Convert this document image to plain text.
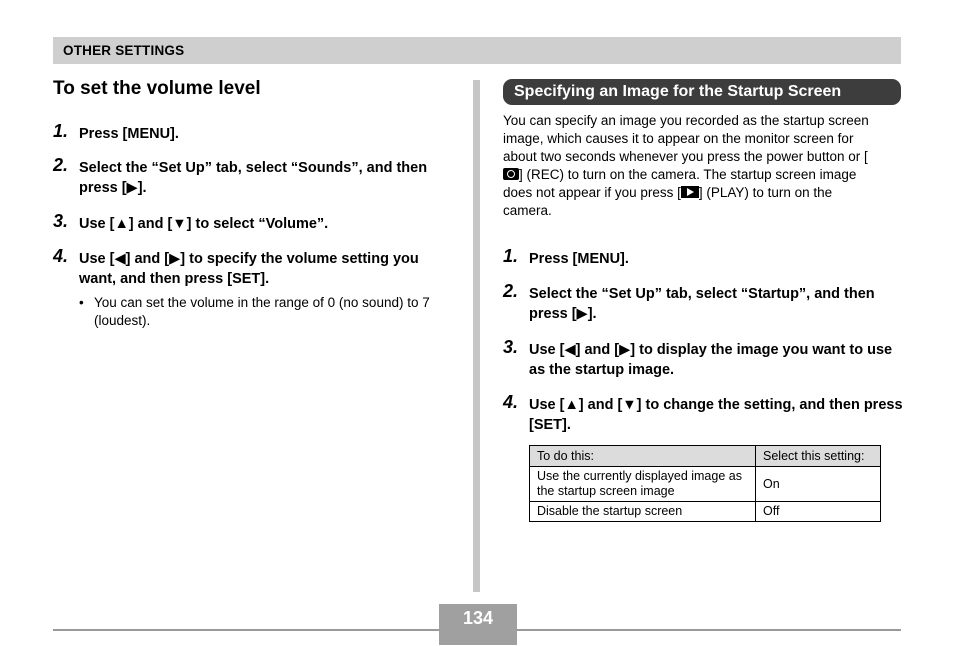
OTHER SETTINGS
To set the volume level
1. Press [MENU].
2. Select the “Set Up” tab, select “Sounds”, and then press [▶].
3. Use [▲] and [▼] to select “Volume”.
4. Use [◀] and [▶] to specify the volume setting you want, and then press [SET].
• You can set the volume in the range of 0 (no sound) to 7 (loudest).
Specifying an Image for the Startup Screen
You can specify an image you recorded as the startup screen image, which causes it to appear on the monitor screen for about two seconds whenever you press the power button or [] (REC) to turn on the camera. The startup screen image does not appear if you press [ ] (PLAY) to turn on the camera.
1. Press [MENU].
2. Select the “Set Up” tab, select “Startup”, and then press [▶].
3. Use [◀] and [▶] to display the image you want to use as the startup image.
4. Use [▲] and [▼] to change the setting, and then press [SET].
To do this:	Select this setting:
Use the currently displayed image as the startup screen image	On
Disable the startup screen	Off
134
